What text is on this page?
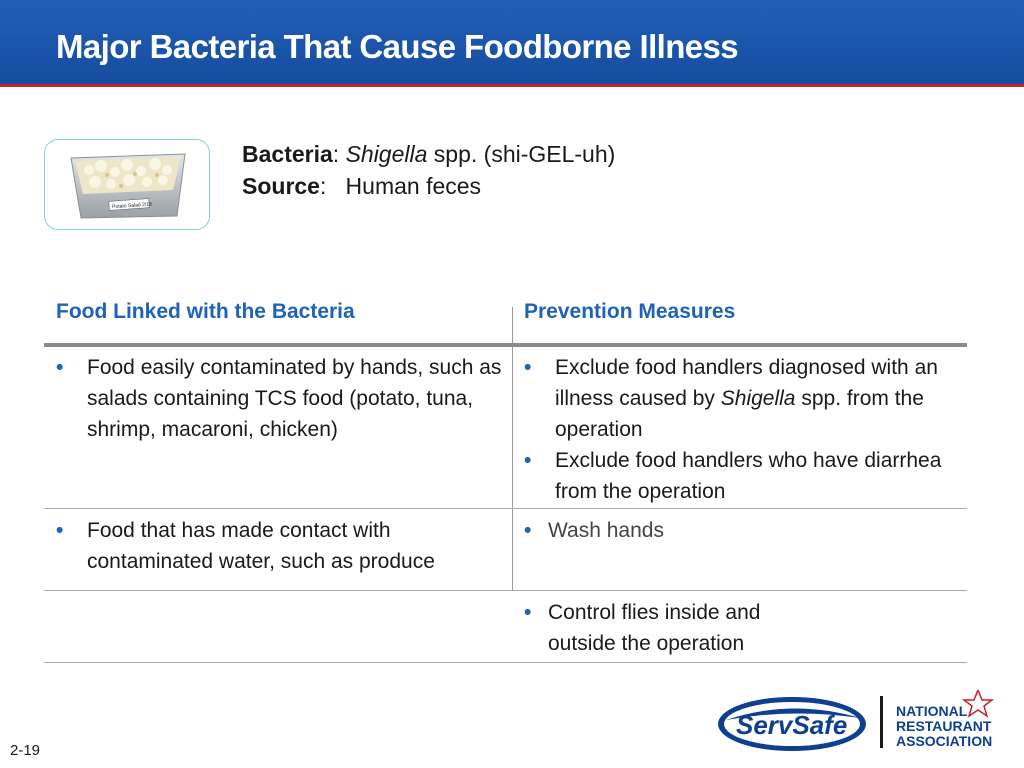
Major Bacteria That Cause Foodborne Illness
Potato Salad 2/18
Bacteria: Shigella spp. (shi-GEL-uh)
Source:   Human feces
Food Linked with the Bacteria	Prevention Measures
• Food easily contaminated by hands, such as salads containing TCS food (potato, tuna, shrimp, macaroni, chicken)
• Exclude food handlers diagnosed with an illness caused by Shigella spp. from the operation
• Exclude food handlers who have diarrhea from the operation
• Food that has made contact with contaminated water, such as produce
• Wash hands
• Control flies inside and outside the operation
2-19
ServSafe	NATIONAL
RESTAURANT
ASSOCIATION
